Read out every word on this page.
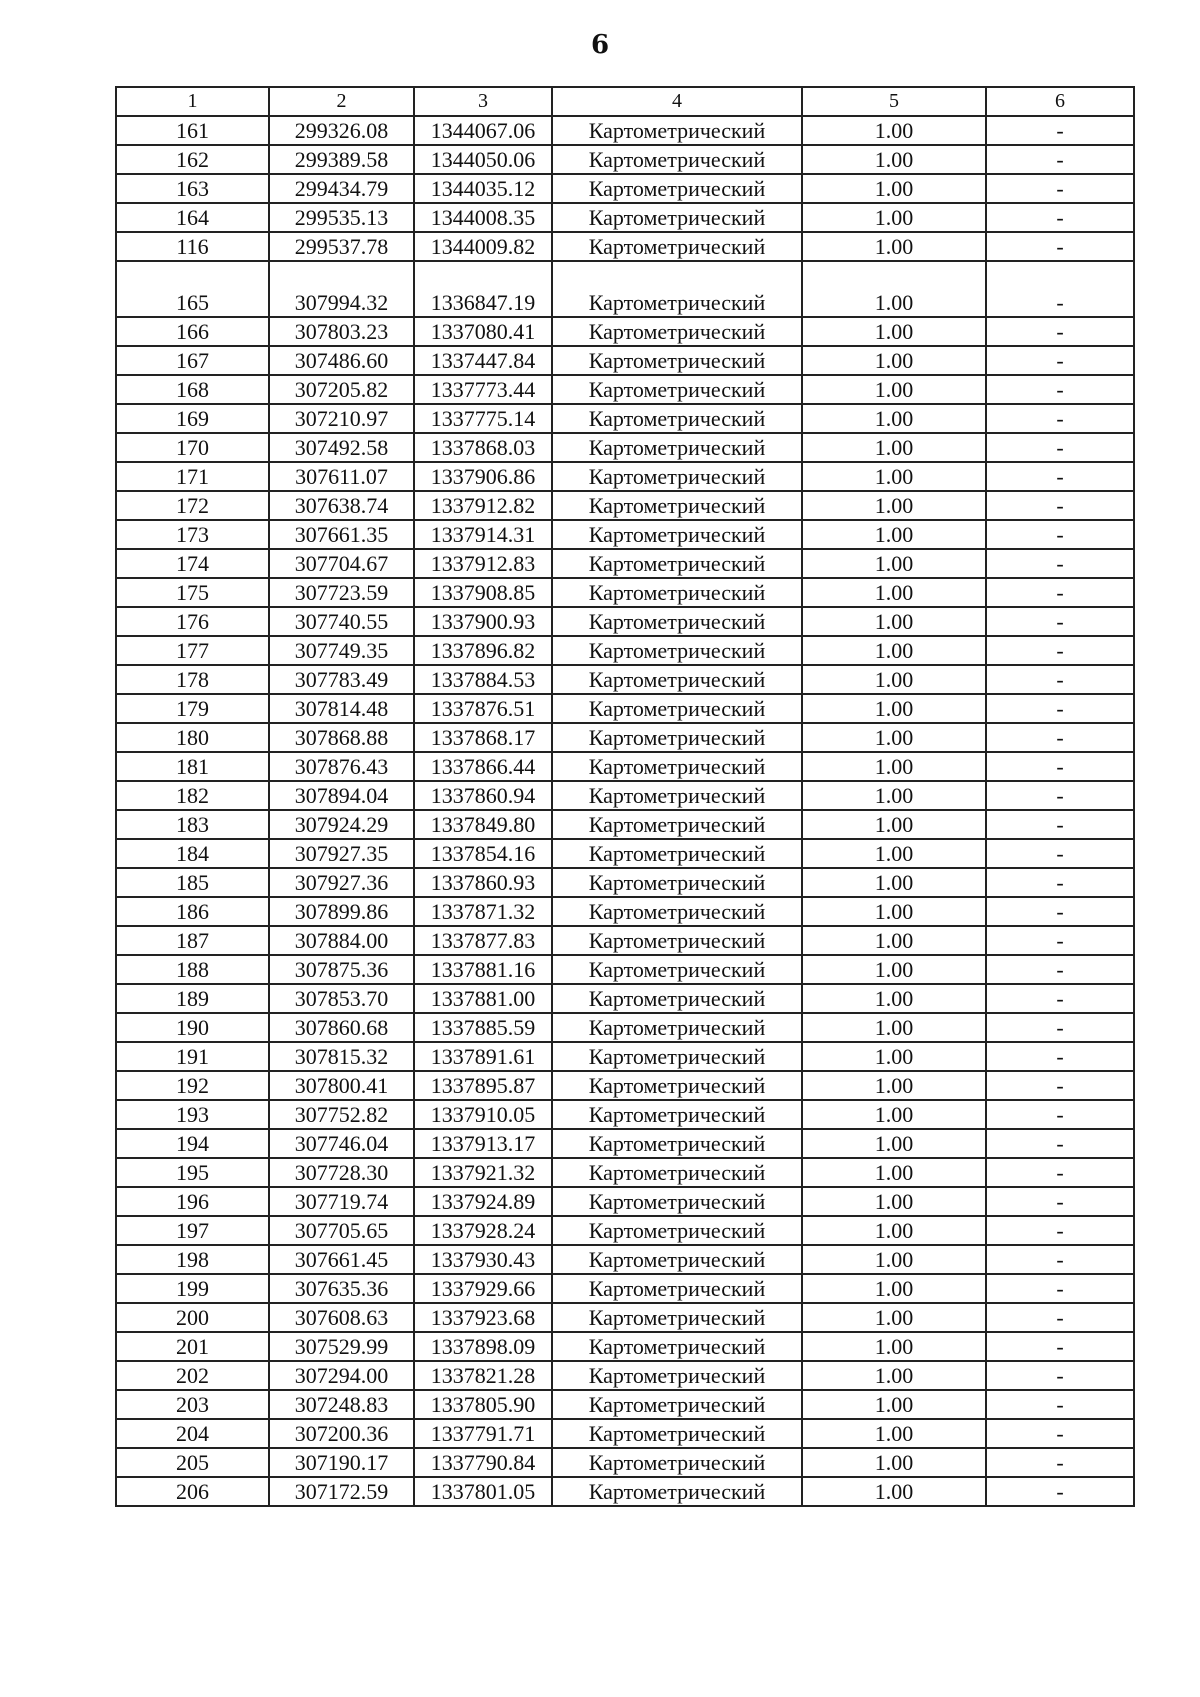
6
1	2	3	4	5	6
161	299326.08	1344067.06	Картометрический	1.00	-
162	299389.58	1344050.06	Картометрический	1.00	-
163	299434.79	1344035.12	Картометрический	1.00	-
164	299535.13	1344008.35	Картометрический	1.00	-
116	299537.78	1344009.82	Картометрический	1.00	-

165	307994.32	1336847.19	Картометрический	1.00	-
166	307803.23	1337080.41	Картометрический	1.00	-
167	307486.60	1337447.84	Картометрический	1.00	-
168	307205.82	1337773.44	Картометрический	1.00	-
169	307210.97	1337775.14	Картометрический	1.00	-
170	307492.58	1337868.03	Картометрический	1.00	-
171	307611.07	1337906.86	Картометрический	1.00	-
172	307638.74	1337912.82	Картометрический	1.00	-
173	307661.35	1337914.31	Картометрический	1.00	-
174	307704.67	1337912.83	Картометрический	1.00	-
175	307723.59	1337908.85	Картометрический	1.00	-
176	307740.55	1337900.93	Картометрический	1.00	-
177	307749.35	1337896.82	Картометрический	1.00	-
178	307783.49	1337884.53	Картометрический	1.00	-
179	307814.48	1337876.51	Картометрический	1.00	-
180	307868.88	1337868.17	Картометрический	1.00	-
181	307876.43	1337866.44	Картометрический	1.00	-
182	307894.04	1337860.94	Картометрический	1.00	-
183	307924.29	1337849.80	Картометрический	1.00	-
184	307927.35	1337854.16	Картометрический	1.00	-
185	307927.36	1337860.93	Картометрический	1.00	-
186	307899.86	1337871.32	Картометрический	1.00	-
187	307884.00	1337877.83	Картометрический	1.00	-
188	307875.36	1337881.16	Картометрический	1.00	-
189	307853.70	1337881.00	Картометрический	1.00	-
190	307860.68	1337885.59	Картометрический	1.00	-
191	307815.32	1337891.61	Картометрический	1.00	-
192	307800.41	1337895.87	Картометрический	1.00	-
193	307752.82	1337910.05	Картометрический	1.00	-
194	307746.04	1337913.17	Картометрический	1.00	-
195	307728.30	1337921.32	Картометрический	1.00	-
196	307719.74	1337924.89	Картометрический	1.00	-
197	307705.65	1337928.24	Картометрический	1.00	-
198	307661.45	1337930.43	Картометрический	1.00	-
199	307635.36	1337929.66	Картометрический	1.00	-
200	307608.63	1337923.68	Картометрический	1.00	-
201	307529.99	1337898.09	Картометрический	1.00	-
202	307294.00	1337821.28	Картометрический	1.00	-
203	307248.83	1337805.90	Картометрический	1.00	-
204	307200.36	1337791.71	Картометрический	1.00	-
205	307190.17	1337790.84	Картометрический	1.00	-
206	307172.59	1337801.05	Картометрический	1.00	-
